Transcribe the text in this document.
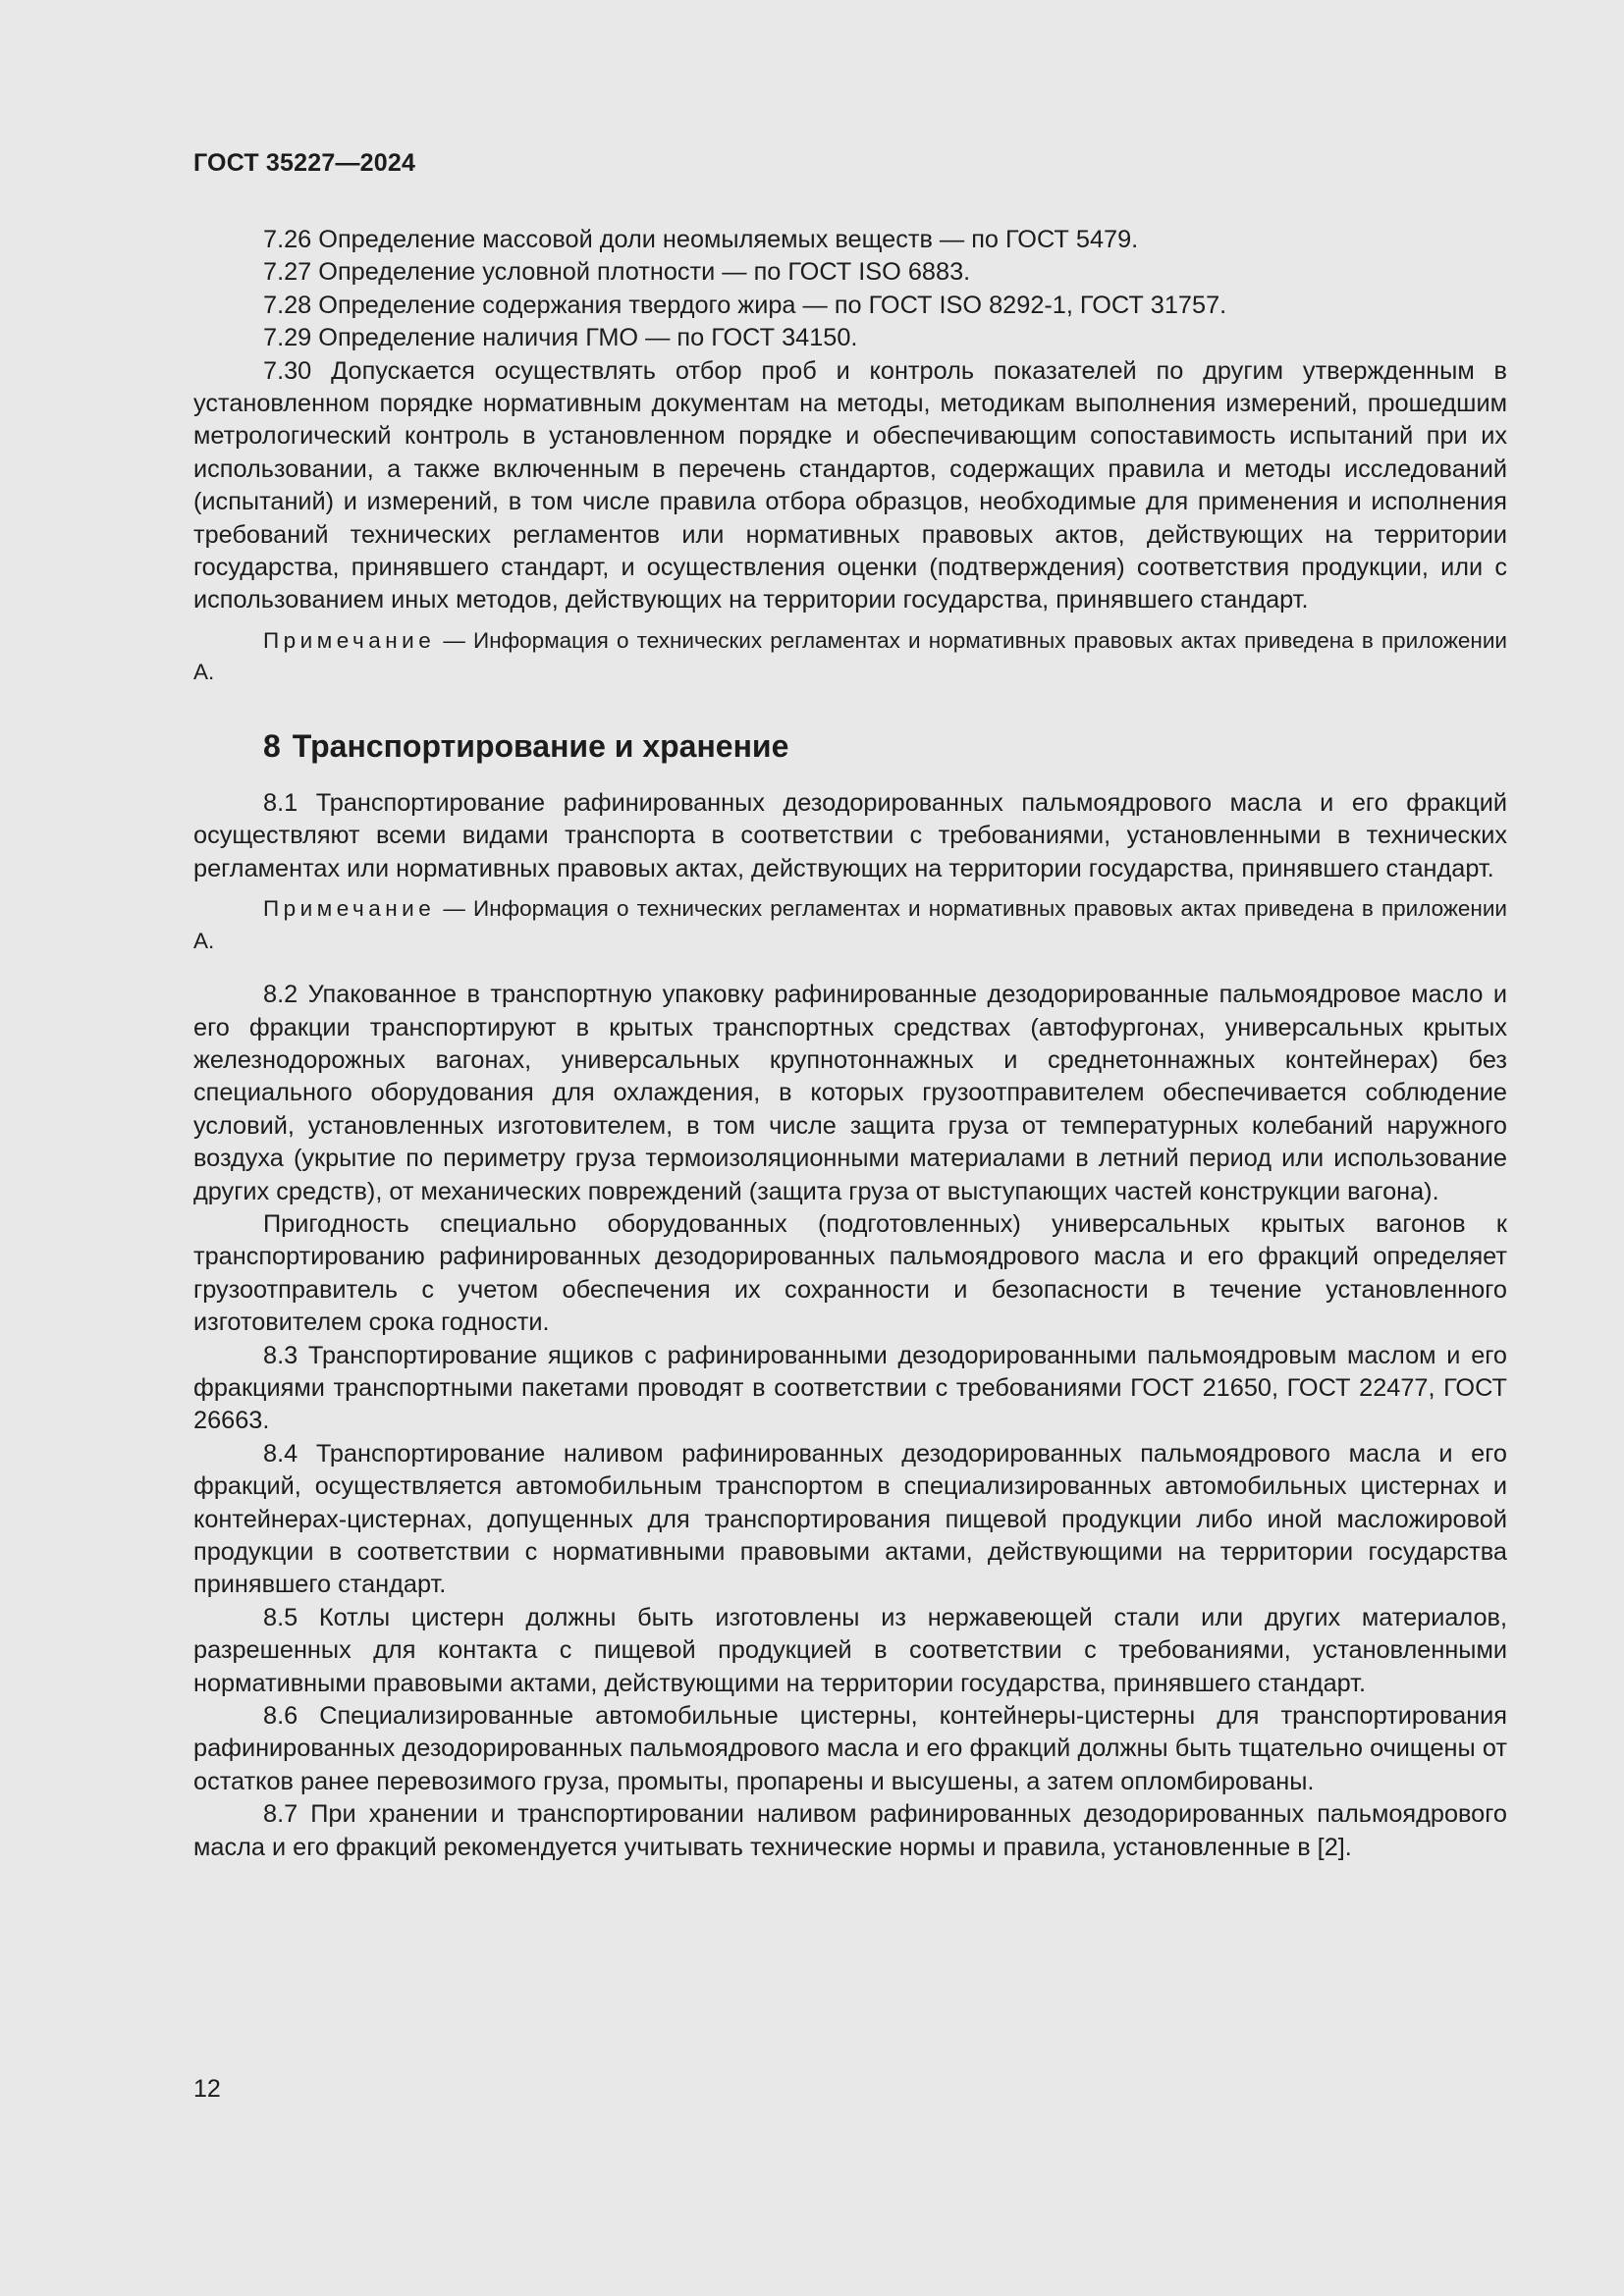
ГОСТ 35227—2024

7.26 Определение массовой доли неомыляемых веществ — по ГОСТ 5479.

7.27 Определение условной плотности — по ГОСТ ISO 6883.

7.28 Определение содержания твердого жира — по ГОСТ ISO 8292-1, ГОСТ 31757.

7.29 Определение наличия ГМО — по ГОСТ 34150.

7.30 Допускается осуществлять отбор проб и контроль показателей по другим утвержденным в установленном порядке нормативным документам на методы, методикам выполнения измерений, прошедшим метрологический контроль в установленном порядке и обеспечивающим сопоставимость испытаний при их использовании, а также включенным в перечень стандартов, содержащих правила и методы исследований (испытаний) и измерений, в том числе правила отбора образцов, необходимые для применения и исполнения требований технических регламентов или нормативных правовых актов, действующих на территории государства, принявшего стандарт, и осуществления оценки (подтверждения) соответствия продукции, или с использованием иных методов, действующих на территории государства, принявшего стандарт.

Примечание — Информация о технических регламентах и нормативных правовых актах приведена в приложении А.
8 Транспортирование и хранение

8.1 Транспортирование рафинированных дезодорированных пальмоядрового масла и его фракций осуществляют всеми видами транспорта в соответствии с требованиями, установленными в технических регламентах или нормативных правовых актах, действующих на территории государства, принявшего стандарт.

Примечание — Информация о технических регламентах и нормативных правовых актах приведена в приложении А.

8.2 Упакованное в транспортную упаковку рафинированные дезодорированные пальмоядровое масло и его фракции транспортируют в крытых транспортных средствах (автофургонах, универсальных крытых железнодорожных вагонах, универсальных крупнотоннажных и среднетоннажных контейнерах) без специального оборудования для охлаждения, в которых грузоотправителем обеспечивается соблюдение условий, установленных изготовителем, в том числе защита груза от температурных колебаний наружного воздуха (укрытие по периметру груза термоизоляционными материалами в летний период или использование других средств), от механических повреждений (защита груза от выступающих частей конструкции вагона).

Пригодность специально оборудованных (подготовленных) универсальных крытых вагонов к транспортированию рафинированных дезодорированных пальмоядрового масла и его фракций определяет грузоотправитель с учетом обеспечения их сохранности и безопасности в течение установленного изготовителем срока годности.

8.3 Транспортирование ящиков с рафинированными дезодорированными пальмоядровым маслом и его фракциями транспортными пакетами проводят в соответствии с требованиями ГОСТ 21650, ГОСТ 22477, ГОСТ 26663.

8.4 Транспортирование наливом рафинированных дезодорированных пальмоядрового масла и его фракций, осуществляется автомобильным транспортом в специализированных автомобильных цистернах и контейнерах-цистернах, допущенных для транспортирования пищевой продукции либо иной масложировой продукции в соответствии с нормативными правовыми актами, действующими на территории государства принявшего стандарт.

8.5 Котлы цистерн должны быть изготовлены из нержавеющей стали или других материалов, разрешенных для контакта с пищевой продукцией в соответствии с требованиями, установленными нормативными правовыми актами, действующими на территории государства, принявшего стандарт.

8.6 Специализированные автомобильные цистерны, контейнеры-цистерны для транспортирования рафинированных дезодорированных пальмоядрового масла и его фракций должны быть тщательно очищены от остатков ранее перевозимого груза, промыты, пропарены и высушены, а затем опломбированы.

8.7 При хранении и транспортировании наливом рафинированных дезодорированных пальмоядрового масла и его фракций рекомендуется учитывать технические нормы и правила, установленные в [2].

12
